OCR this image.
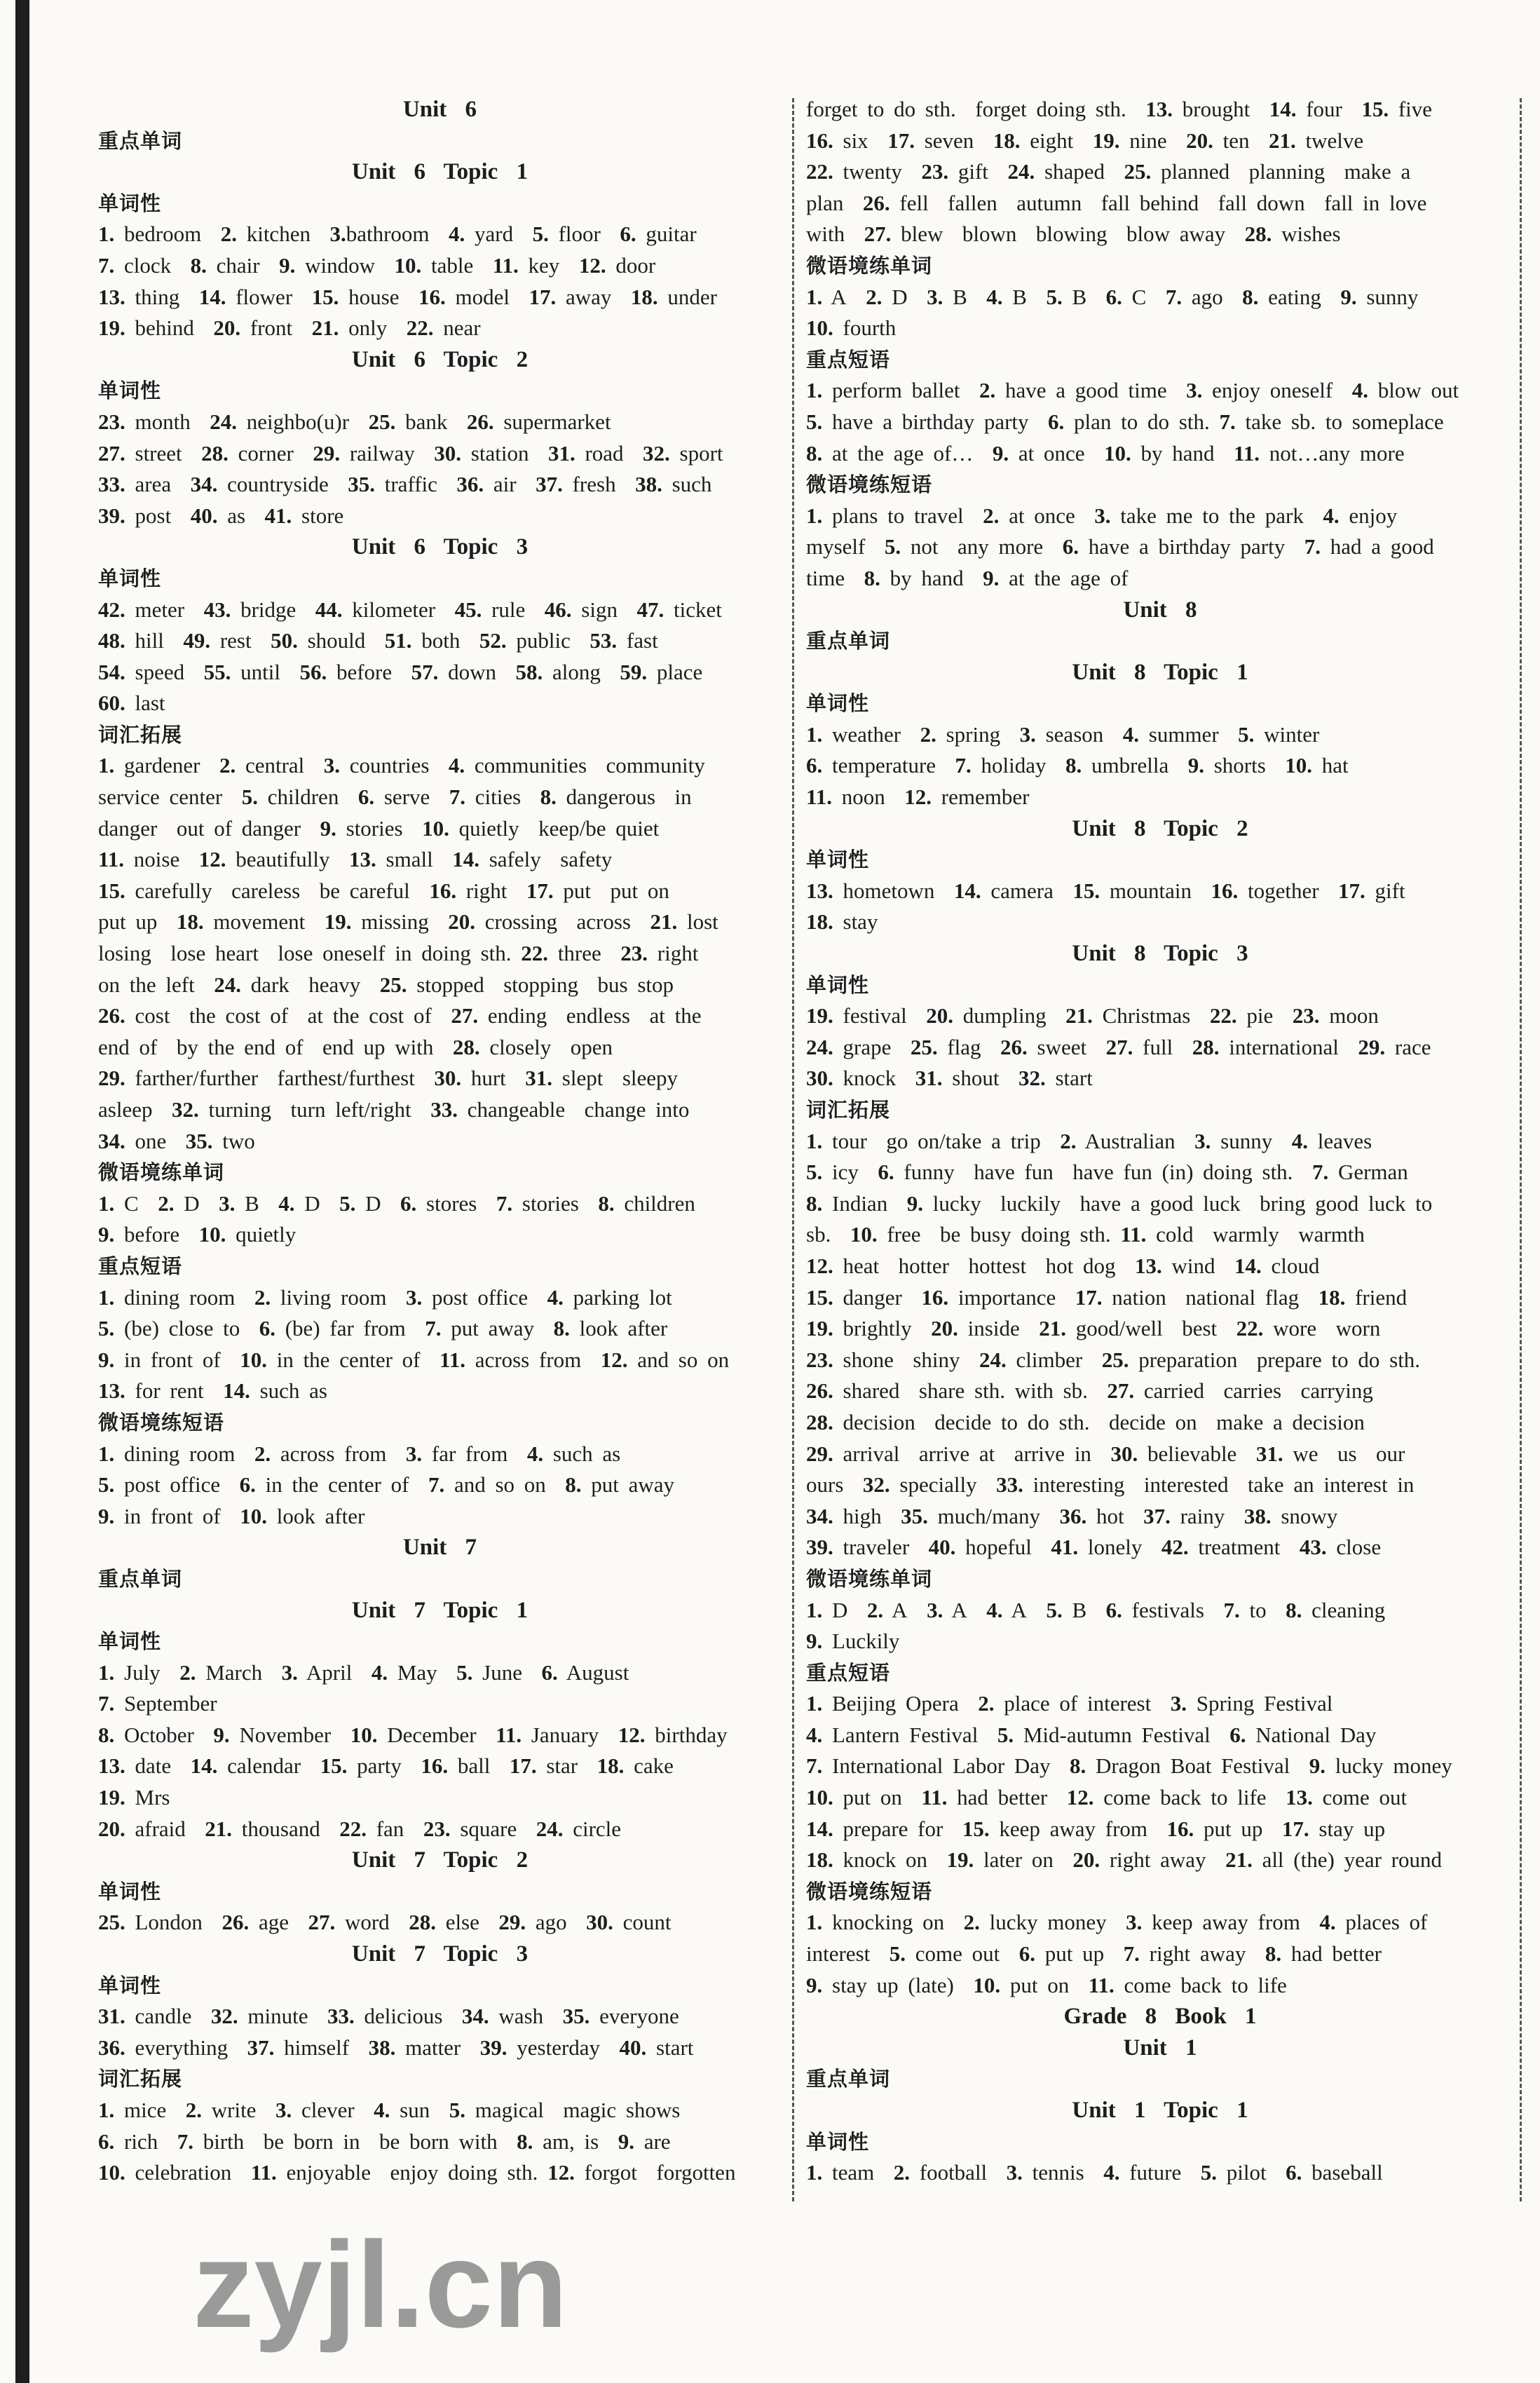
Unit 6
重点单词
Unit 6 Topic 1
单词性
1. bedroom  2. kitchen  3.bathroom  4. yard  5. floor  6. guitar
7. clock  8. chair  9. window  10. table  11. key  12. door
13. thing  14. flower  15. house  16. model  17. away  18. under
19. behind  20. front  21. only  22. near
Unit 6 Topic 2
单词性
23. month  24. neighbo(u)r  25. bank  26. supermarket
27. street  28. corner  29. railway  30. station  31. road  32. sport
33. area  34. countryside  35. traffic  36. air  37. fresh  38. such
39. post  40. as  41. store
Unit 6 Topic 3
单词性
42. meter  43. bridge  44. kilometer  45. rule  46. sign  47. ticket
48. hill  49. rest  50. should  51. both  52. public  53. fast
54. speed  55. until  56. before  57. down  58. along  59. place
60. last
词汇拓展
1. gardener  2. central  3. countries  4. communities  community
service center  5. children  6. serve  7. cities  8. dangerous  in
danger  out of danger  9. stories  10. quietly  keep/be quiet
11. noise  12. beautifully  13. small  14. safely  safety
15. carefully  careless  be careful  16. right  17. put  put on
put up  18. movement  19. missing  20. crossing  across  21. lost
losing  lose heart  lose oneself in doing sth. 22. three  23. right
on the left  24. dark  heavy  25. stopped  stopping  bus stop
26. cost  the cost of  at the cost of  27. ending  endless  at the
end of  by the end of  end up with  28. closely  open
29. farther/further  farthest/furthest  30. hurt  31. slept  sleepy
asleep  32. turning  turn left/right  33. changeable  change into
34. one  35. two
微语境练单词
1. C  2. D  3. B  4. D  5. D  6. stores  7. stories  8. children
9. before  10. quietly
重点短语
1. dining room  2. living room  3. post office  4. parking lot
5. (be) close to  6. (be) far from  7. put away  8. look after
9. in front of  10. in the center of  11. across from  12. and so on
13. for rent  14. such as
微语境练短语
1. dining room  2. across from  3. far from  4. such as
5. post office  6. in the center of  7. and so on  8. put away
9. in front of  10. look after
Unit 7
重点单词
Unit 7 Topic 1
单词性
1. July  2. March  3. April  4. May  5. June  6. August
7. September
8. October  9. November  10. December  11. January  12. birthday
13. date  14. calendar  15. party  16. ball  17. star  18. cake
19. Mrs
20. afraid  21. thousand  22. fan  23. square  24. circle
Unit 7 Topic 2
单词性
25. London  26. age  27. word  28. else  29. ago  30. count
Unit 7 Topic 3
单词性
31. candle  32. minute  33. delicious  34. wash  35. everyone
36. everything  37. himself  38. matter  39. yesterday  40. start
词汇拓展
1. mice  2. write  3. clever  4. sun  5. magical  magic shows
6. rich  7. birth  be born in  be born with  8. am, is  9. are
10. celebration  11. enjoyable  enjoy doing sth. 12. forgot  forgotten
forget to do sth.  forget doing sth.  13. brought  14. four  15. five
16. six  17. seven  18. eight  19. nine  20. ten  21. twelve
22. twenty  23. gift  24. shaped  25. planned  planning  make a
plan  26. fell  fallen  autumn  fall behind  fall down  fall in love
with  27. blew  blown  blowing  blow away  28. wishes
微语境练单词
1. A  2. D  3. B  4. B  5. B  6. C  7. ago  8. eating  9. sunny
10. fourth
重点短语
1. perform ballet  2. have a good time  3. enjoy oneself  4. blow out
5. have a birthday party  6. plan to do sth. 7. take sb. to someplace
8. at the age of…  9. at once  10. by hand  11. not…any more
微语境练短语
1. plans to travel  2. at once  3. take me to the park  4. enjoy
myself  5. not  any more  6. have a birthday party  7. had a good
time  8. by hand  9. at the age of
Unit 8
重点单词
Unit 8 Topic 1
单词性
1. weather  2. spring  3. season  4. summer  5. winter
6. temperature  7. holiday  8. umbrella  9. shorts  10. hat
11. noon  12. remember
Unit 8 Topic 2
单词性
13. hometown  14. camera  15. mountain  16. together  17. gift
18. stay
Unit 8 Topic 3
单词性
19. festival  20. dumpling  21. Christmas  22. pie  23. moon
24. grape  25. flag  26. sweet  27. full  28. international  29. race
30. knock  31. shout  32. start
词汇拓展
1. tour  go on/take a trip  2. Australian  3. sunny  4. leaves
5. icy  6. funny  have fun  have fun (in) doing sth.  7. German
8. Indian  9. lucky  luckily  have a good luck  bring good luck to
sb.  10. free  be busy doing sth. 11. cold  warmly  warmth
12. heat  hotter  hottest  hot dog  13. wind  14. cloud
15. danger  16. importance  17. nation  national flag  18. friend
19. brightly  20. inside  21. good/well  best  22. wore  worn
23. shone  shiny  24. climber  25. preparation  prepare to do sth.
26. shared  share sth. with sb.  27. carried  carries  carrying
28. decision  decide to do sth.  decide on  make a decision
29. arrival  arrive at  arrive in  30. believable  31. we  us  our
ours  32. specially  33. interesting  interested  take an interest in
34. high  35. much/many  36. hot  37. rainy  38. snowy
39. traveler  40. hopeful  41. lonely  42. treatment  43. close
微语境练单词
1. D  2. A  3. A  4. A  5. B  6. festivals  7. to  8. cleaning
9. Luckily
重点短语
1. Beijing Opera  2. place of interest  3. Spring Festival
4. Lantern Festival  5. Mid-autumn Festival  6. National Day
7. International Labor Day  8. Dragon Boat Festival  9. lucky money
10. put on  11. had better  12. come back to life  13. come out
14. prepare for  15. keep away from  16. put up  17. stay up
18. knock on  19. later on  20. right away  21. all (the) year round
微语境练短语
1. knocking on  2. lucky money  3. keep away from  4. places of
interest  5. come out  6. put up  7. right away  8. had better
9. stay up (late)  10. put on  11. come back to life
Grade 8 Book 1
Unit 1
重点单词
Unit 1 Topic 1
单词性
1. team  2. football  3. tennis  4. future  5. pilot  6. baseball
zyjl.cn
